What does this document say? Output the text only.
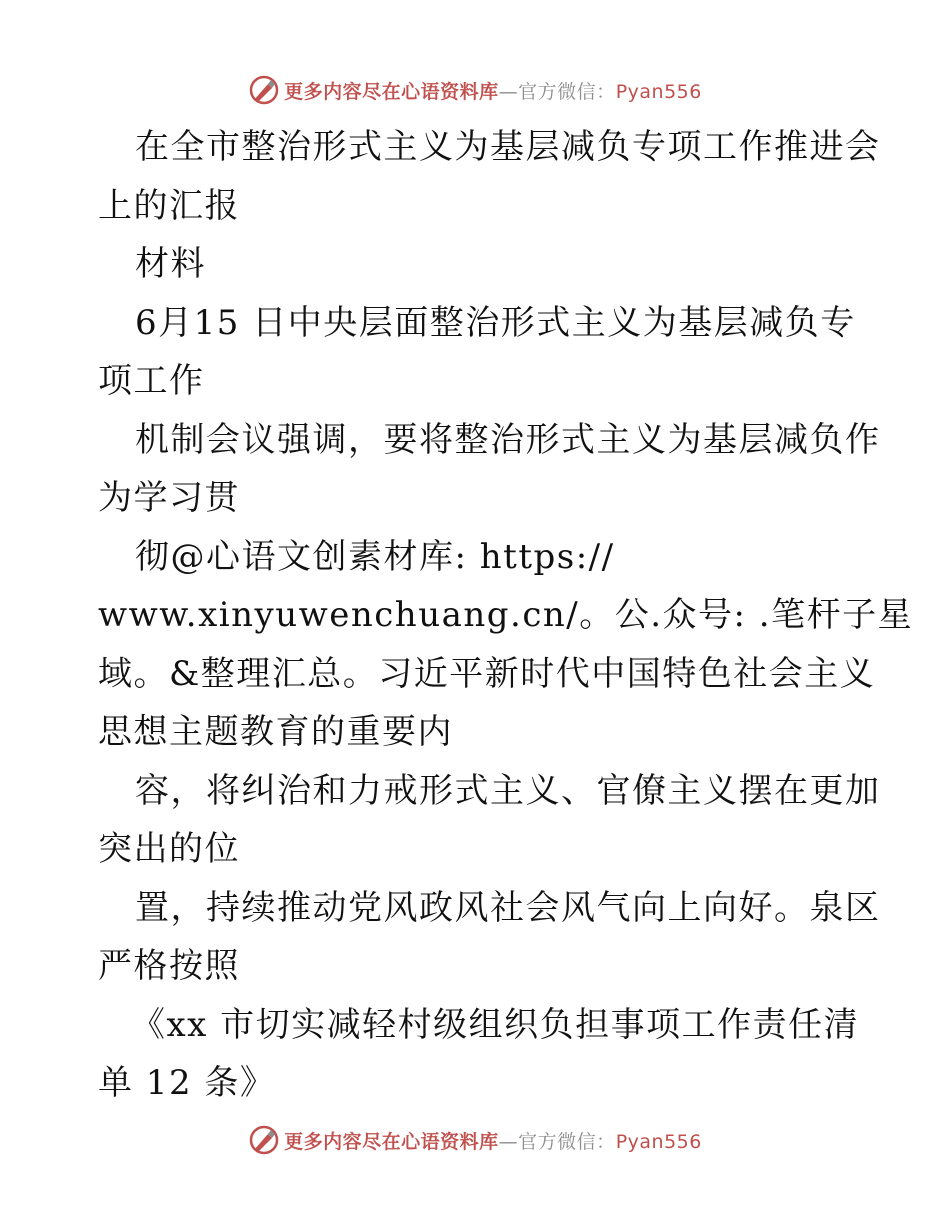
更多内容尽在心语资料库—官方微信：Pyan556
在全市整治形式主义为基层减负专项工作推进会
上的汇报
材料
6月15 日中央层面整治形式主义为基层减负专
项工作
机制会议强调，要将整治形式主义为基层减负作
为学习贯
彻@心语文创素材库: https://
www.xinyuwenchuang.cn/。公.众号: .笔杆子星
域。&整理汇总。习近平新时代中国特色社会主义
思想主题教育的重要内
容，将纠治和力戒形式主义、官僚主义摆在更加
突出的位
置，持续推动党风政风社会风气向上向好。泉区
严格按照
《xx 市切实减轻村级组织负担事项工作责任清
单 12 条》
更多内容尽在心语资料库—官方微信：Pyan556
